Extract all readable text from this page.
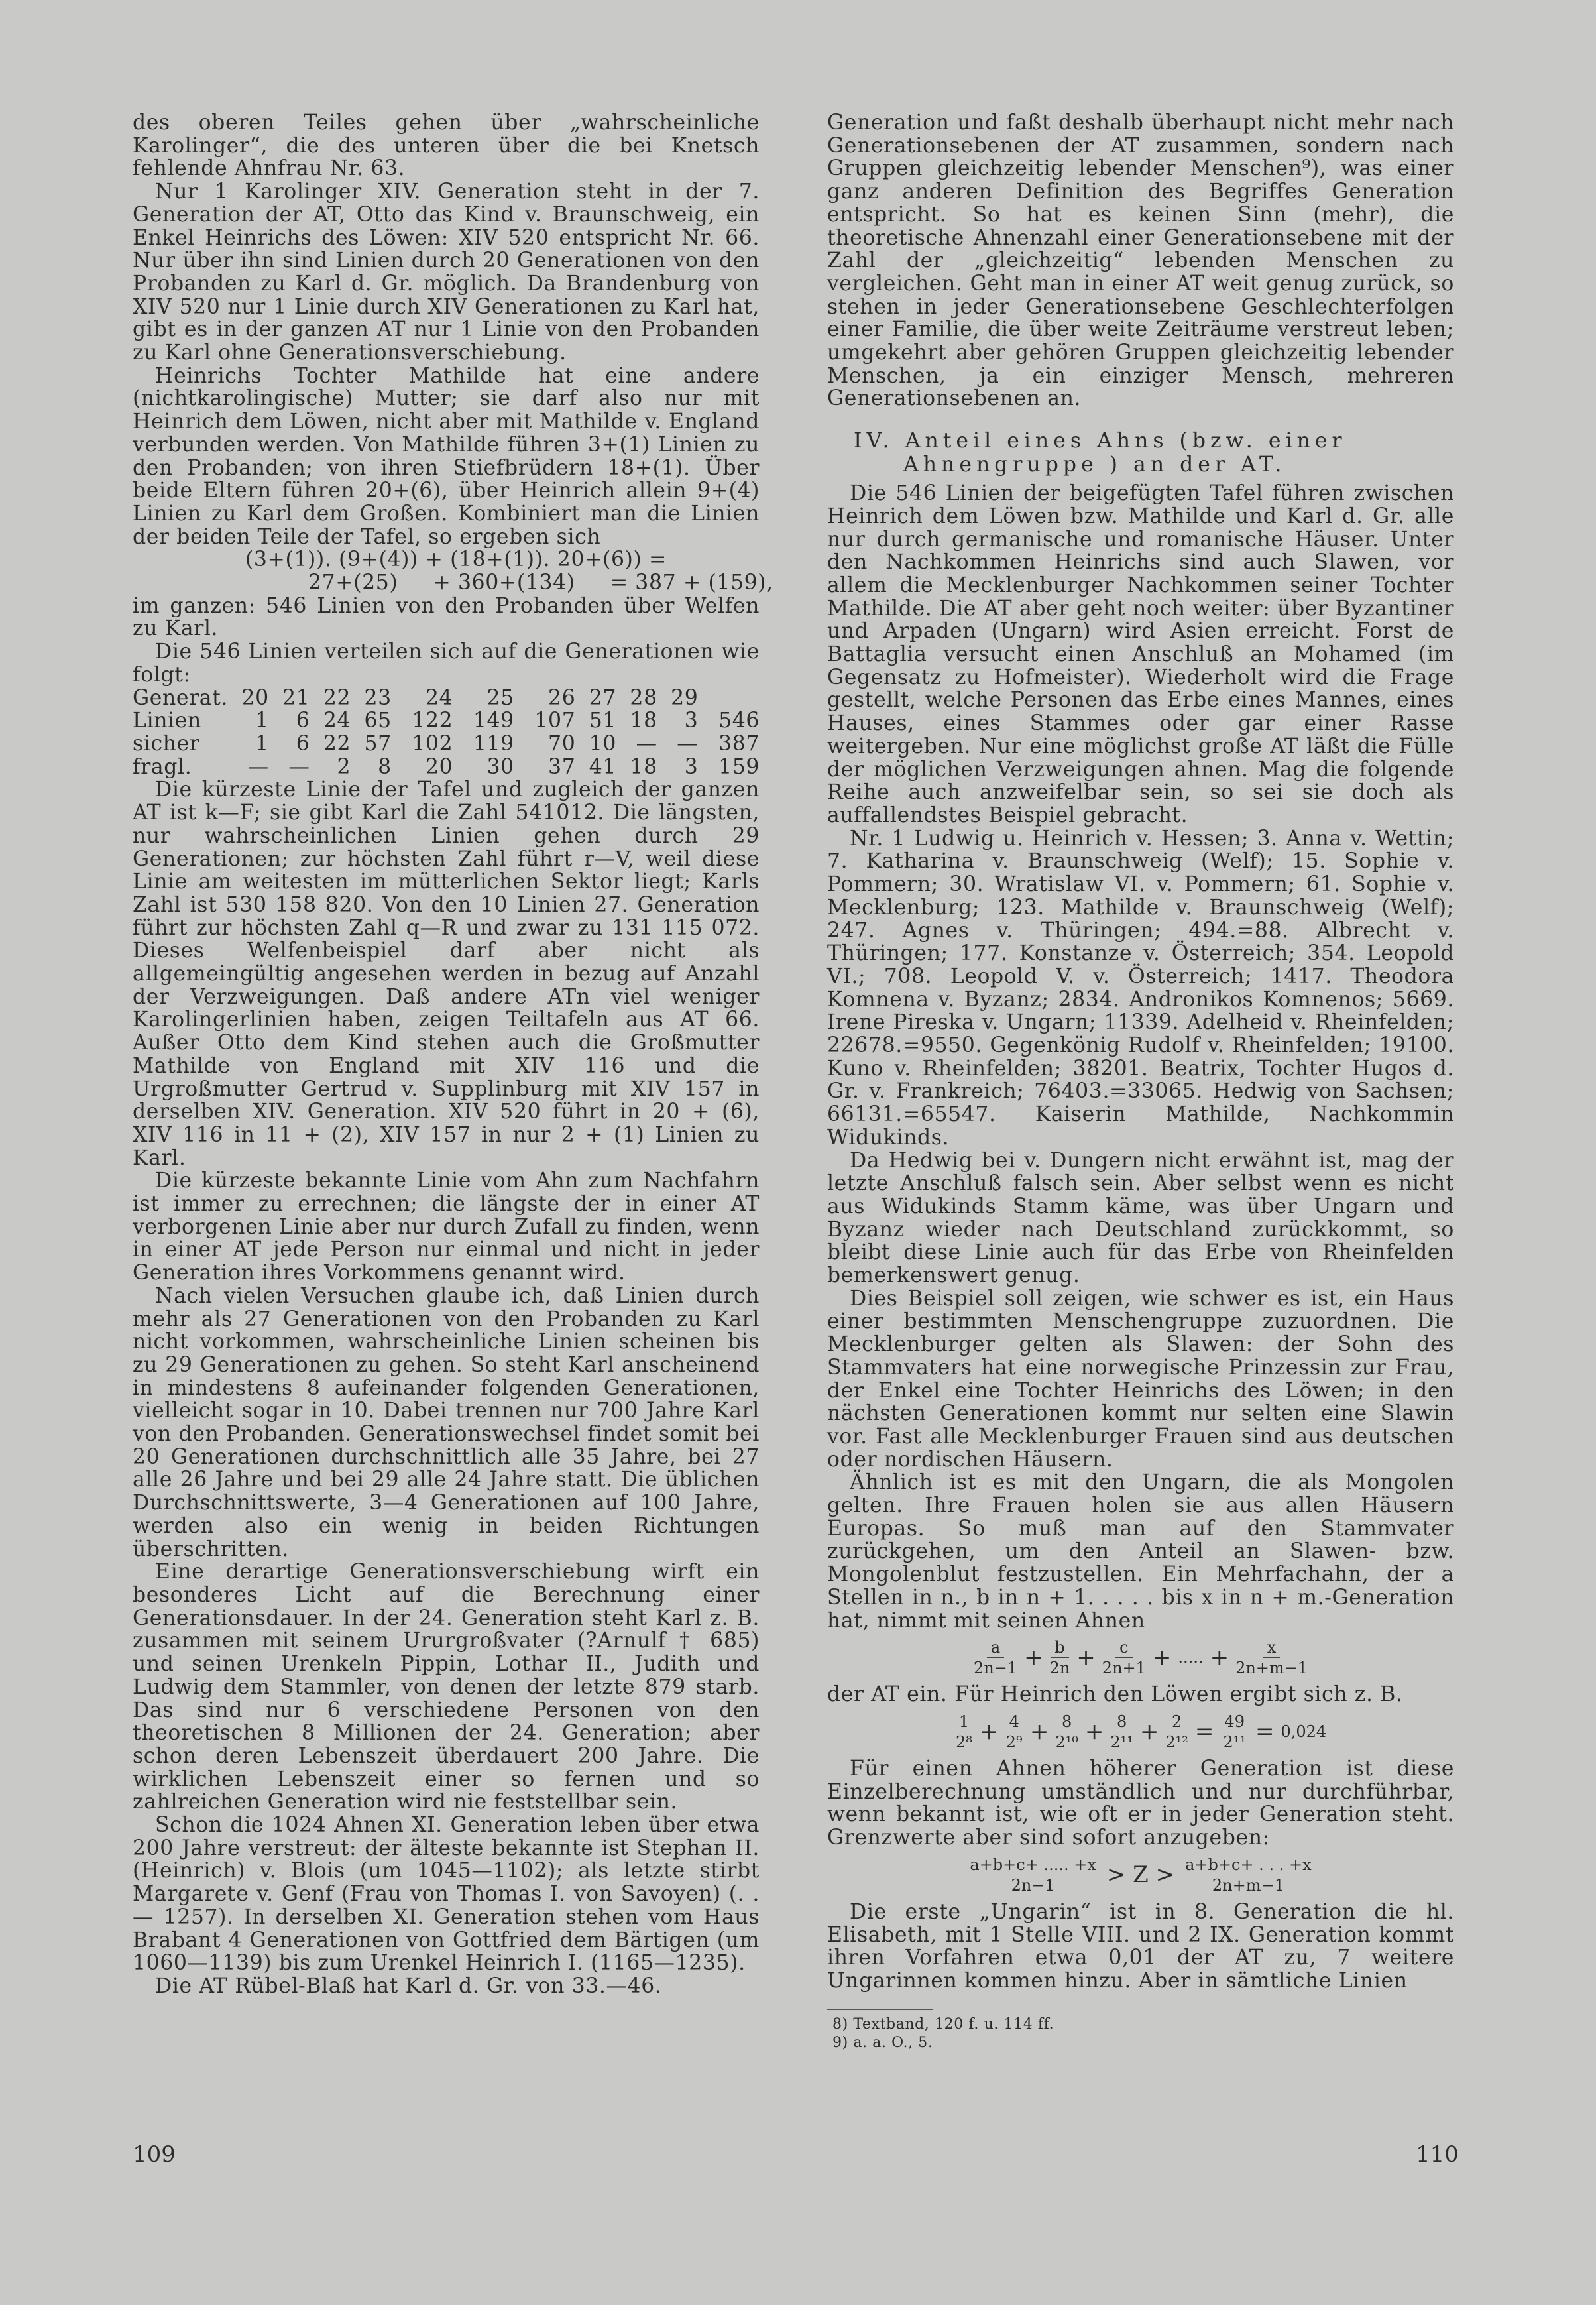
des oberen Teiles gehen über „wahrscheinliche Karolinger“, die des unteren über die bei Knetsch fehlende Ahnfrau Nr. 63.

Nur 1 Karolinger XIV. Generation steht in der 7. Generation der AT, Otto das Kind v. Braunschweig, ein Enkel Heinrichs des Löwen: XIV 520 entspricht Nr. 66. Nur über ihn sind Linien durch 20 Generationen von den Probanden zu Karl d. Gr. möglich. Da Brandenburg von XIV 520 nur 1 Linie durch XIV Generationen zu Karl hat, gibt es in der ganzen AT nur 1 Linie von den Probanden zu Karl ohne Generationsverschiebung.

Heinrichs Tochter Mathilde hat eine andere (nichtkarolingische) Mutter; sie darf also nur mit Heinrich dem Löwen, nicht aber mit Mathilde v. England verbunden werden. Von Mathilde führen 3+(1) Linien zu den Probanden; von ihren Stiefbrüdern 18+(1). Über beide Eltern führen 20+(6), über Heinrich allein 9+(4) Linien zu Karl dem Großen. Kombiniert man die Linien der beiden Teile der Tafel, so ergeben sich

(3+(1)). (9+(4)) + (18+(1)). 20+(6)) =
27+(25)     + 360+(134)     = 387 + (159),

im ganzen: 546 Linien von den Probanden über Welfen zu Karl.

Die 546 Linien verteilen sich auf die Generationen wie folgt:

Generat.	20	21	22	23	24	25	26	27	28	29	
Linien	1	6	24	65	122	149	107	51	18	3	546
sicher	1	6	22	57	102	119	70	10	—	—	387
fragl.	—	—	2	8	20	30	37	41	18	3	159

Die kürzeste Linie der Tafel und zugleich der ganzen AT ist k—F; sie gibt Karl die Zahl 541012. Die längsten, nur wahrscheinlichen Linien gehen durch 29 Generationen; zur höchsten Zahl führt r—V, weil diese Linie am weitesten im mütterlichen Sektor liegt; Karls Zahl ist 530 158 820. Von den 10 Linien 27. Generation führt zur höchsten Zahl q—R und zwar zu 131 115 072. Dieses Welfenbeispiel darf aber nicht als allgemeingültig angesehen werden in bezug auf Anzahl der Verzweigungen. Daß andere ATn viel weniger Karolingerlinien haben, zeigen Teiltafeln aus AT 66. Außer Otto dem Kind stehen auch die Großmutter Mathilde von England mit XIV 116 und die Urgroßmutter Gertrud v. Supplinburg mit XIV 157 in derselben XIV. Generation. XIV 520 führt in 20 + (6), XIV 116 in 11 + (2), XIV 157 in nur 2 + (1) Linien zu Karl.

Die kürzeste bekannte Linie vom Ahn zum Nachfahrn ist immer zu errechnen; die längste der in einer AT verborgenen Linie aber nur durch Zufall zu finden, wenn in einer AT jede Person nur einmal und nicht in jeder Generation ihres Vorkommens genannt wird.

Nach vielen Versuchen glaube ich, daß Linien durch mehr als 27 Generationen von den Probanden zu Karl nicht vorkommen, wahrscheinliche Linien scheinen bis zu 29 Generationen zu gehen. So steht Karl anscheinend in mindestens 8 aufeinander folgenden Generationen, vielleicht sogar in 10. Dabei trennen nur 700 Jahre Karl von den Probanden. Generationswechsel findet somit bei 20 Generationen durchschnittlich alle 35 Jahre, bei 27 alle 26 Jahre und bei 29 alle 24 Jahre statt. Die üblichen Durchschnittswerte, 3—4 Generationen auf 100 Jahre, werden also ein wenig in beiden Richtungen überschritten.

Eine derartige Generationsverschiebung wirft ein besonderes Licht auf die Berechnung einer Generationsdauer. In der 24. Generation steht Karl z. B. zusammen mit seinem Ururgroßvater (?Arnulf † 685) und seinen Urenkeln Pippin, Lothar II., Judith und Ludwig dem Stammler, von denen der letzte 879 starb. Das sind nur 6 verschiedene Personen von den theoretischen 8 Millionen der 24. Generation; aber schon deren Lebenszeit überdauert 200 Jahre. Die wirklichen Lebenszeit einer so fernen und so zahlreichen Generation wird nie feststellbar sein.

Schon die 1024 Ahnen XI. Generation leben über etwa 200 Jahre verstreut: der älteste bekannte ist Stephan II. (Heinrich) v. Blois (um 1045—1102); als letzte stirbt Margarete v. Genf (Frau von Thomas I. von Savoyen) (. . — 1257). In derselben XI. Generation stehen vom Haus Brabant 4 Generationen von Gottfried dem Bärtigen (um 1060—1139) bis zum Urenkel Heinrich I. (1165—1235).

Die AT Rübel-Blaß hat Karl d. Gr. von 33.—46.

109

Generation und faßt deshalb überhaupt nicht mehr nach Generationsebenen der AT zusammen, sondern nach Gruppen gleichzeitig lebender Menschen⁹), was einer ganz anderen Definition des Begriffes Generation entspricht. So hat es keinen Sinn (mehr), die theoretische Ahnenzahl einer Generationsebene mit der Zahl der „gleichzeitig“ lebenden Menschen zu vergleichen. Geht man in einer AT weit genug zurück, so stehen in jeder Generationsebene Geschlechterfolgen einer Familie, die über weite Zeiträume verstreut leben; umgekehrt aber gehören Gruppen gleichzeitig lebender Menschen, ja ein einziger Mensch, mehreren Generationsebenen an.

IV. Anteil eines Ahns (bzw. einer
Ahnengruppe ) an der AT.

Die 546 Linien der beigefügten Tafel führen zwischen Heinrich dem Löwen bzw. Mathilde und Karl d. Gr. alle nur durch germanische und romanische Häuser. Unter den Nachkommen Heinrichs sind auch Slawen, vor allem die Mecklenburger Nachkommen seiner Tochter Mathilde. Die AT aber geht noch weiter: über Byzantiner und Arpaden (Ungarn) wird Asien erreicht. Forst de Battaglia versucht einen Anschluß an Mohamed (im Gegensatz zu Hofmeister). Wiederholt wird die Frage gestellt, welche Personen das Erbe eines Mannes, eines Hauses, eines Stammes oder gar einer Rasse weitergeben. Nur eine möglichst große AT läßt die Fülle der möglichen Verzweigungen ahnen. Mag die folgende Reihe auch anzweifelbar sein, so sei sie doch als auffallendstes Beispiel gebracht.

Nr. 1 Ludwig u. Heinrich v. Hessen; 3. Anna v. Wettin; 7. Katharina v. Braunschweig (Welf); 15. Sophie v. Pommern; 30. Wratislaw VI. v. Pommern; 61. Sophie v. Mecklenburg; 123. Mathilde v. Braunschweig (Welf); 247. Agnes v. Thüringen; 494.=88. Albrecht v. Thüringen; 177. Konstanze v. Österreich; 354. Leopold VI.; 708. Leopold V. v. Österreich; 1417. Theodora Komnena v. Byzanz; 2834. Andronikos Komnenos; 5669. Irene Pireska v. Ungarn; 11339. Adelheid v. Rheinfelden; 22678.=9550. Gegenkönig Rudolf v. Rheinfelden; 19100. Kuno v. Rheinfelden; 38201. Beatrix, Tochter Hugos d. Gr. v. Frankreich; 76403.=33065. Hedwig von Sachsen; 66131.=65547. Kaiserin Mathilde, Nachkommin Widukinds.

Da Hedwig bei v. Dungern nicht erwähnt ist, mag der letzte Anschluß falsch sein. Aber selbst wenn es nicht aus Widukinds Stamm käme, was über Ungarn und Byzanz wieder nach Deutschland zurückkommt, so bleibt diese Linie auch für das Erbe von Rheinfelden bemerkenswert genug.

Dies Beispiel soll zeigen, wie schwer es ist, ein Haus einer bestimmten Menschengruppe zuzuordnen. Die Mecklenburger gelten als Slawen: der Sohn des Stammvaters hat eine norwegische Prinzessin zur Frau, der Enkel eine Tochter Heinrichs des Löwen; in den nächsten Generationen kommt nur selten eine Slawin vor. Fast alle Mecklenburger Frauen sind aus deutschen oder nordischen Häusern.

Ähnlich ist es mit den Ungarn, die als Mongolen gelten. Ihre Frauen holen sie aus allen Häusern Europas. So muß man auf den Stammvater zurückgehen, um den Anteil an Slawen- bzw. Mongolenblut festzustellen. Ein Mehrfachahn, der a Stellen in n., b in n + 1. . . . . bis x in n + m.-Generation hat, nimmt mit seinen Ahnen

$\frac{a}{2n-1} + \frac{b}{2n} + \frac{c}{2n+1}$ + ..... + $\frac{x}{2n+m-1}$

der AT ein. Für Heinrich den Löwen ergibt sich z. B.

$\frac{1}{\text{2⁸}} + \frac{4}{\text{2⁹}} + \frac{8}{\text{2¹⁰}} + \frac{8}{\text{2¹¹}} + \frac{2}{\text{2¹²}} = \frac{49}{\text{2¹¹}} = 0,024$

Für einen Ahnen höherer Generation ist diese Einzelberechnung umständlich und nur durchführbar, wenn bekannt ist, wie oft er in jeder Generation steht. Grenzwerte aber sind sofort anzugeben:

$\frac{a+b+c+ ..... +x}{2n-1} > Z > \frac{a+b+c+ . . . +x}{2n+m-1}$

Die erste „Ungarin“ ist in 8. Generation die hl. Elisabeth, mit 1 Stelle VIII. und 2 IX. Generation kommt ihren Vorfahren etwa 0,01 der AT zu, 7 weitere Ungarinnen kommen hinzu. Aber in sämtliche Linien

8) Textband, 120 f. u. 114 ff.
9) a. a. O., 5.
110
